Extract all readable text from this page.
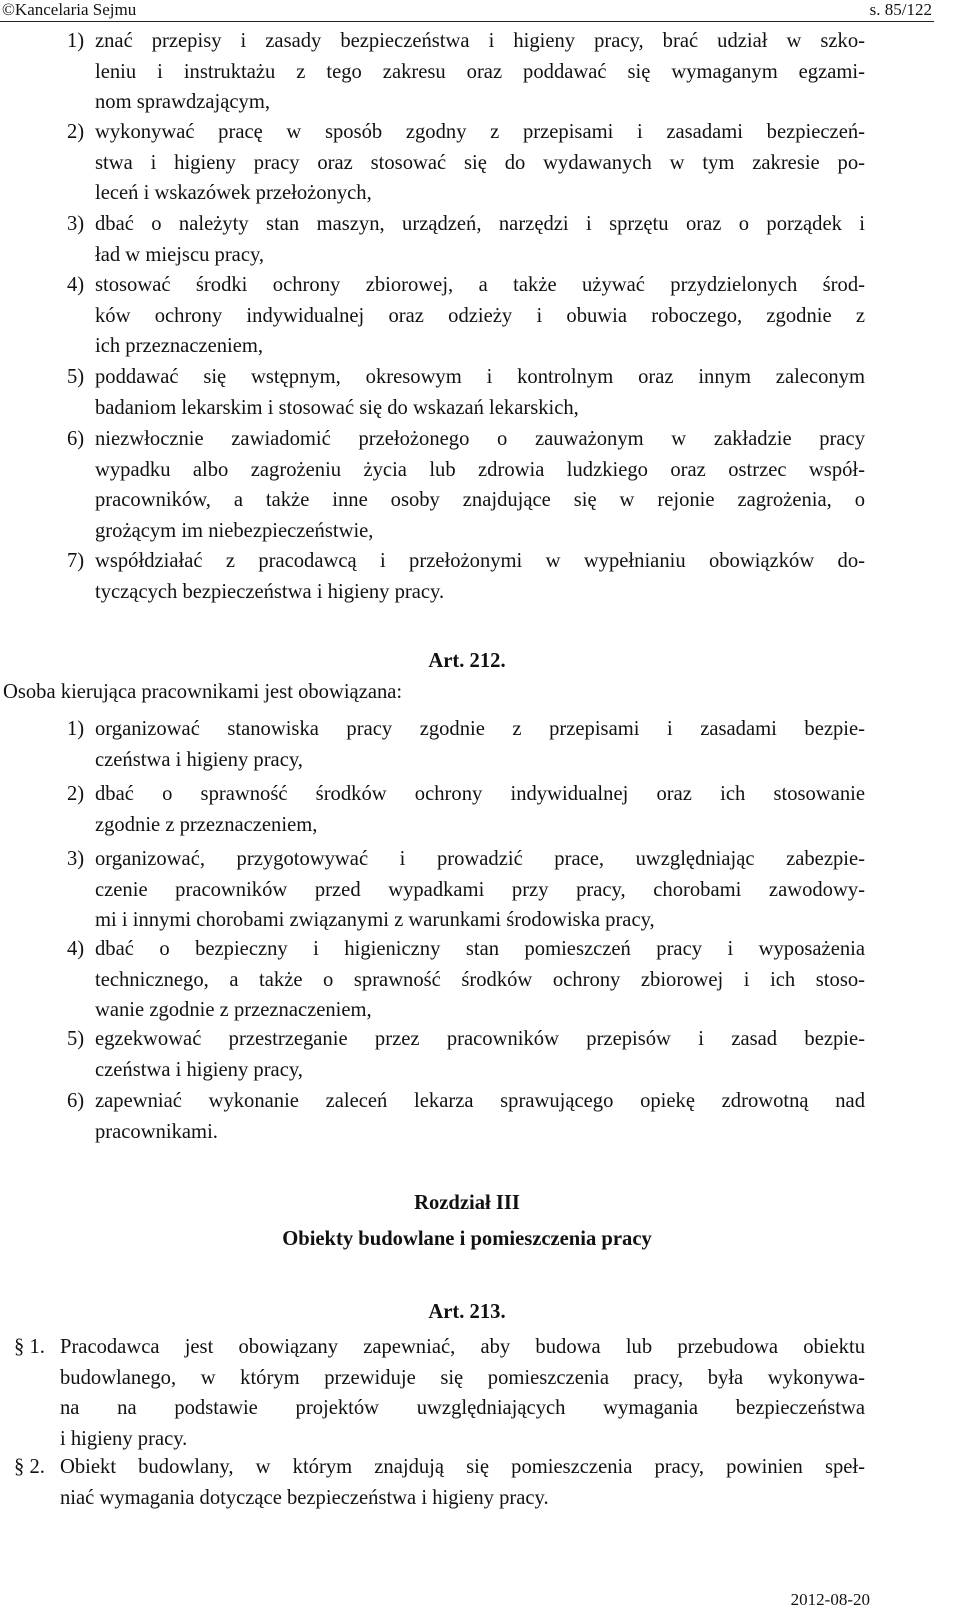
©Kancelaria Sejmu	s. 85/122
1) znać przepisy i zasady bezpieczeństwa i higieny pracy, brać udział w szko-
leniu i instruktażu z tego zakresu oraz poddawać się wymaganym egzami-
nom sprawdzającym,
2) wykonywać pracę w sposób zgodny z przepisami i zasadami bezpieczeń-
stwa i higieny pracy oraz stosować się do wydawanych w tym zakresie po-
leceń i wskazówek przełożonych,
3) dbać o należyty stan maszyn, urządzeń, narzędzi i sprzętu oraz o porządek i
ład w miejscu pracy,
4) stosować środki ochrony zbiorowej, a także używać przydzielonych środ-
ków ochrony indywidualnej oraz odzieży i obuwia roboczego, zgodnie z
ich przeznaczeniem,
5) poddawać się wstępnym, okresowym i kontrolnym oraz innym zaleconym
badaniom lekarskim i stosować się do wskazań lekarskich,
6) niezwłocznie zawiadomić przełożonego o zauważonym w zakładzie pracy
wypadku albo zagrożeniu życia lub zdrowia ludzkiego oraz ostrzec współ-
pracowników, a także inne osoby znajdujące się w rejonie zagrożenia, o
grożącym im niebezpieczeństwie,
7) współdziałać z pracodawcą i przełożonymi w wypełnianiu obowiązków do-
tyczących bezpieczeństwa i higieny pracy.
Art. 212.
Osoba kierująca pracownikami jest obowiązana:
1) organizować stanowiska pracy zgodnie z przepisami i zasadami bezpie-
czeństwa i higieny pracy,
2) dbać o sprawność środków ochrony indywidualnej oraz ich stosowanie
zgodnie z przeznaczeniem,
3) organizować, przygotowywać i prowadzić prace, uwzględniając zabezpie-
czenie pracowników przed wypadkami przy pracy, chorobami zawodowy-
mi i innymi chorobami związanymi z warunkami środowiska pracy,
4) dbać o bezpieczny i higieniczny stan pomieszczeń pracy i wyposażenia
technicznego, a także o sprawność środków ochrony zbiorowej i ich stoso-
wanie zgodnie z przeznaczeniem,
5) egzekwować przestrzeganie przez pracowników przepisów i zasad bezpie-
czeństwa i higieny pracy,
6) zapewniać wykonanie zaleceń lekarza sprawującego opiekę zdrowotną nad
pracownikami.
Rozdział III
Obiekty budowlane i pomieszczenia pracy
Art. 213.
§ 1. Pracodawca jest obowiązany zapewniać, aby budowa lub przebudowa obiektu
budowlanego, w którym przewiduje się pomieszczenia pracy, była wykonywa-
na na podstawie projektów uwzględniających wymagania bezpieczeństwa
i higieny pracy.
§ 2. Obiekt budowlany, w którym znajdują się pomieszczenia pracy, powinien speł-
niać wymagania dotyczące bezpieczeństwa i higieny pracy.
2012-08-20
